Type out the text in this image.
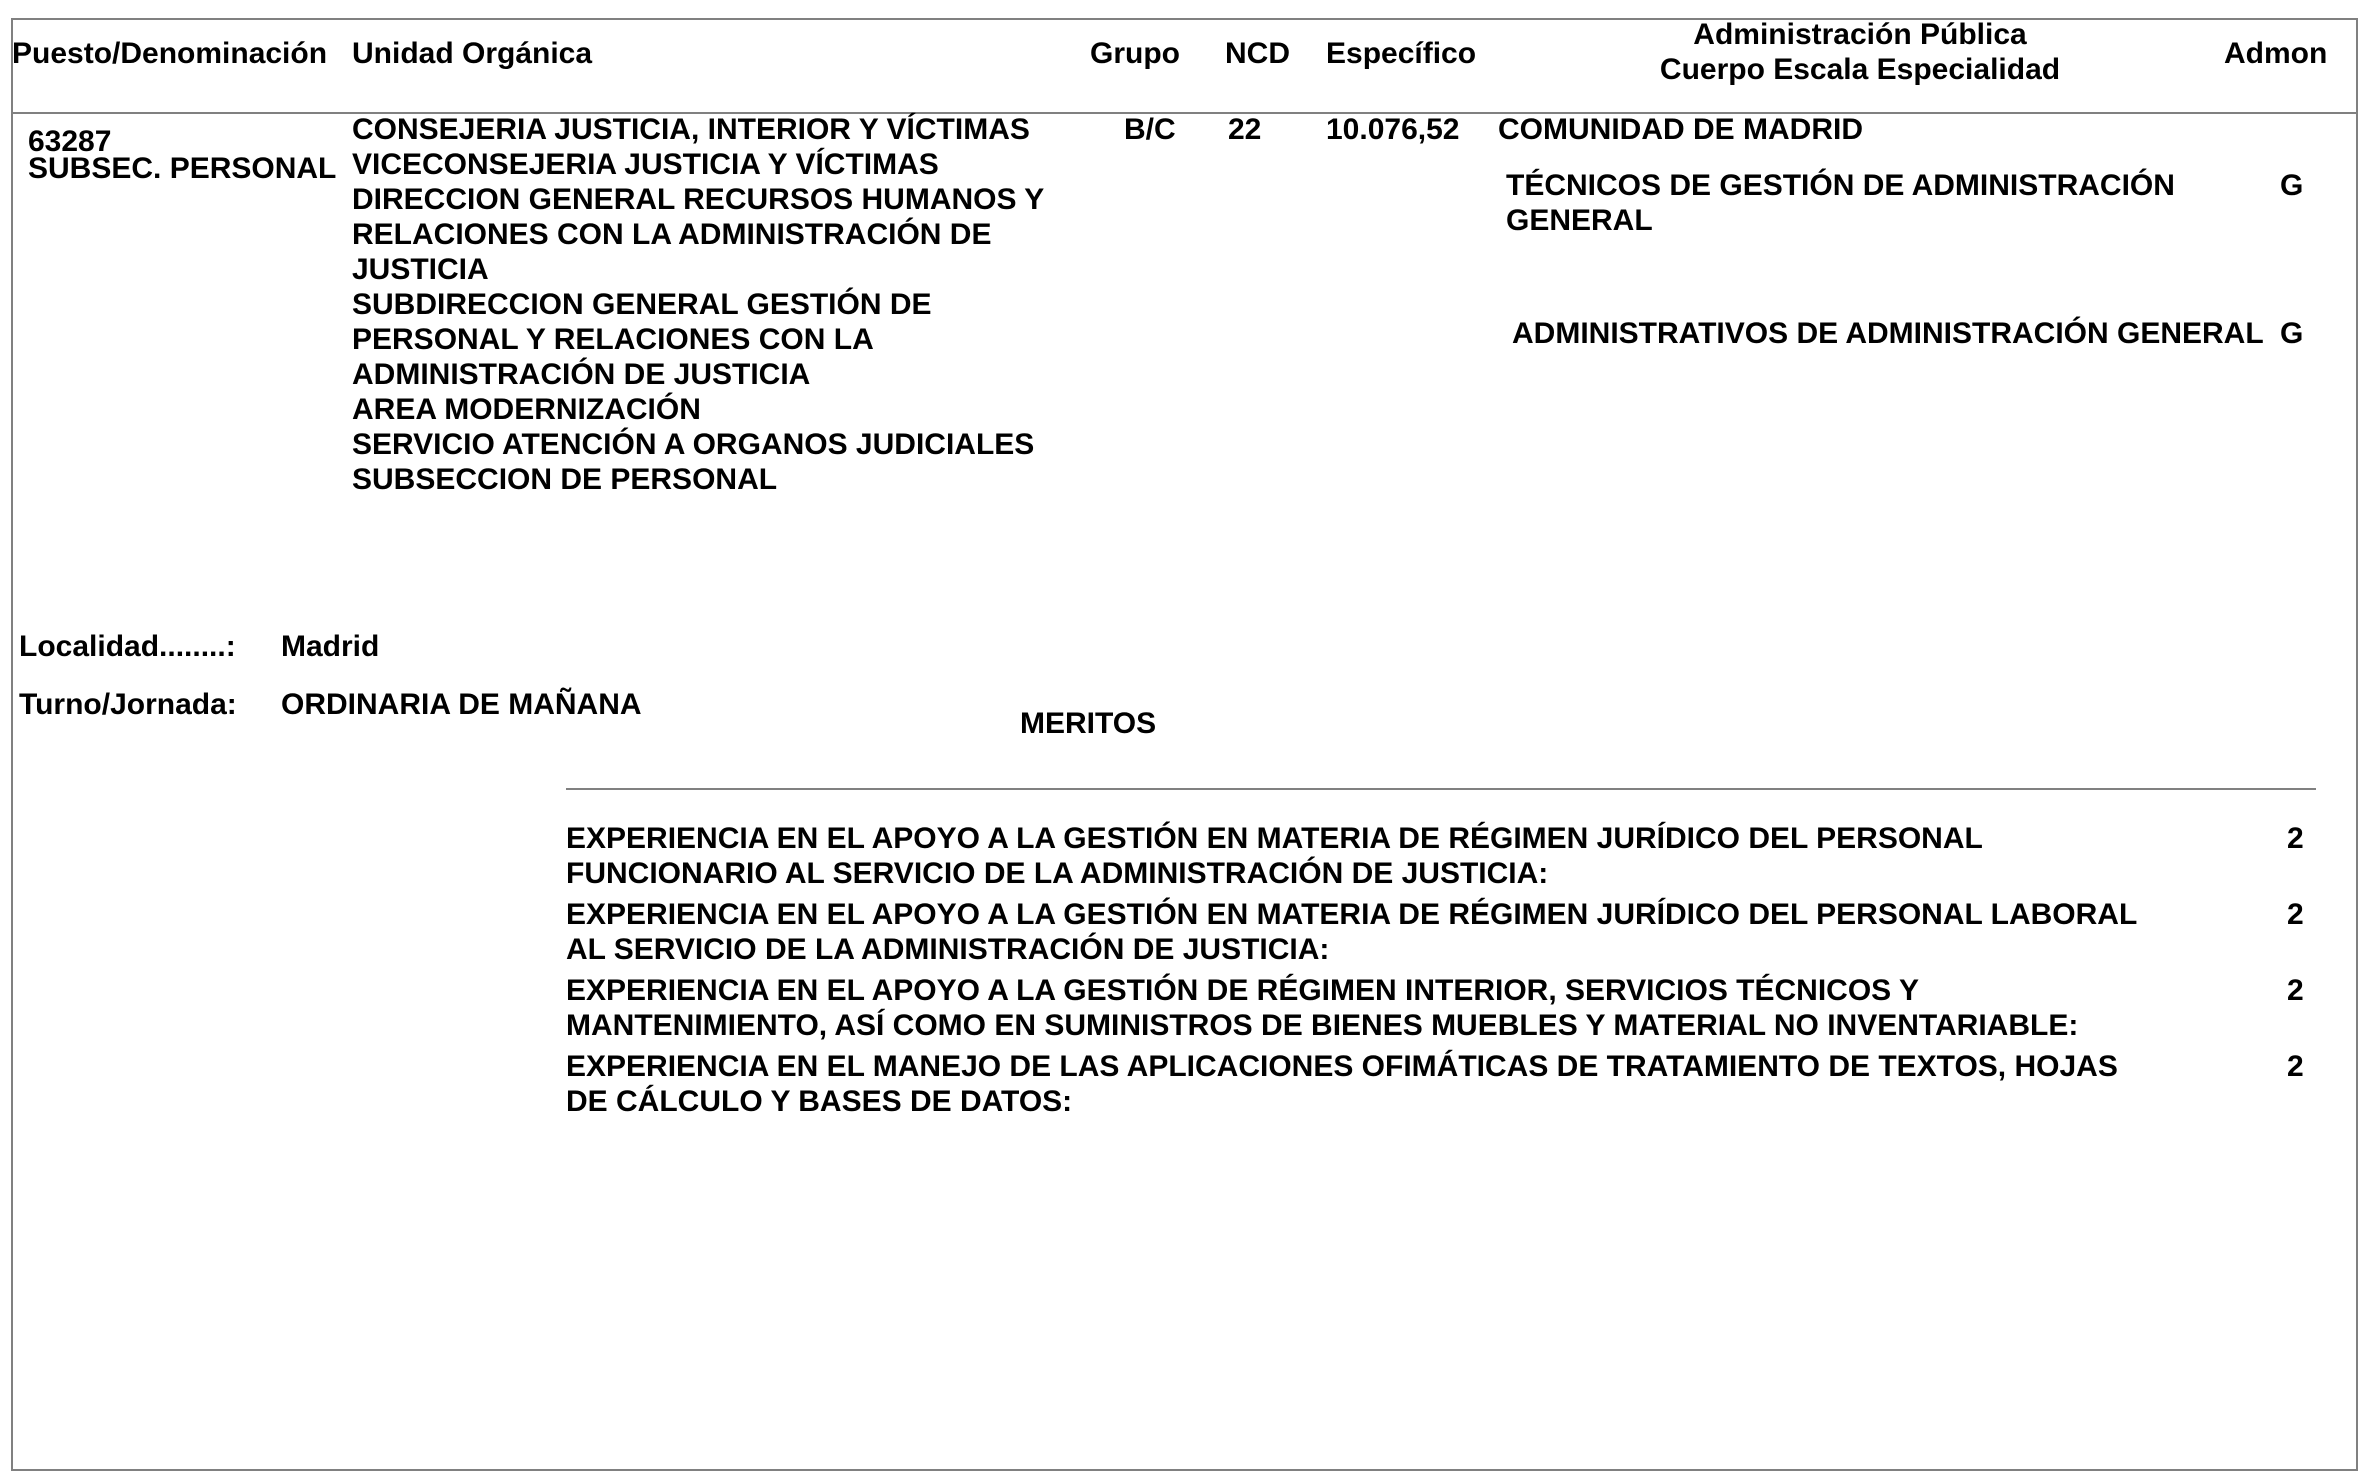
Puesto/Denominación Unidad Orgánica	Grupo NCD Específico
Administración Pública
Cuerpo Escala Especialidad	Admon
63287
SUBSEC. PERSONAL
CONSEJERIA JUSTICIA, INTERIOR Y VÍCTIMAS
VICECONSEJERIA JUSTICIA Y VÍCTIMAS
DIRECCION GENERAL RECURSOS HUMANOS Y
RELACIONES CON LA ADMINISTRACIÓN DE
JUSTICIA
SUBDIRECCION GENERAL GESTIÓN DE
PERSONAL Y RELACIONES CON LA
ADMINISTRACIÓN DE JUSTICIA
AREA MODERNIZACIÓN
SERVICIO ATENCIÓN A ORGANOS JUDICIALES
SUBSECCION DE PERSONAL
B/C 22 10.076,52 COMUNIDAD DE MADRID
TÉCNICOS DE GESTIÓN DE ADMINISTRACIÓN
GENERAL
G
ADMINISTRATIVOS DE ADMINISTRACIÓN GENERAL G
Localidad........: Madrid
Turno/Jornada: ORDINARIA DE MAÑANA
MERITOS
EXPERIENCIA EN EL APOYO A LA GESTIÓN EN MATERIA DE RÉGIMEN JURÍDICO DEL PERSONAL
FUNCIONARIO AL SERVICIO DE LA ADMINISTRACIÓN DE JUSTICIA:
2
EXPERIENCIA EN EL APOYO A LA GESTIÓN EN MATERIA DE RÉGIMEN JURÍDICO DEL PERSONAL LABORAL
AL SERVICIO DE LA ADMINISTRACIÓN DE JUSTICIA:
2
EXPERIENCIA EN EL APOYO A LA GESTIÓN DE RÉGIMEN INTERIOR, SERVICIOS TÉCNICOS Y
MANTENIMIENTO, ASÍ COMO EN SUMINISTROS DE BIENES MUEBLES Y MATERIAL NO INVENTARIABLE:
2
EXPERIENCIA EN EL MANEJO DE LAS APLICACIONES OFIMÁTICAS DE TRATAMIENTO DE TEXTOS, HOJAS
DE CÁLCULO Y BASES DE DATOS:
2
